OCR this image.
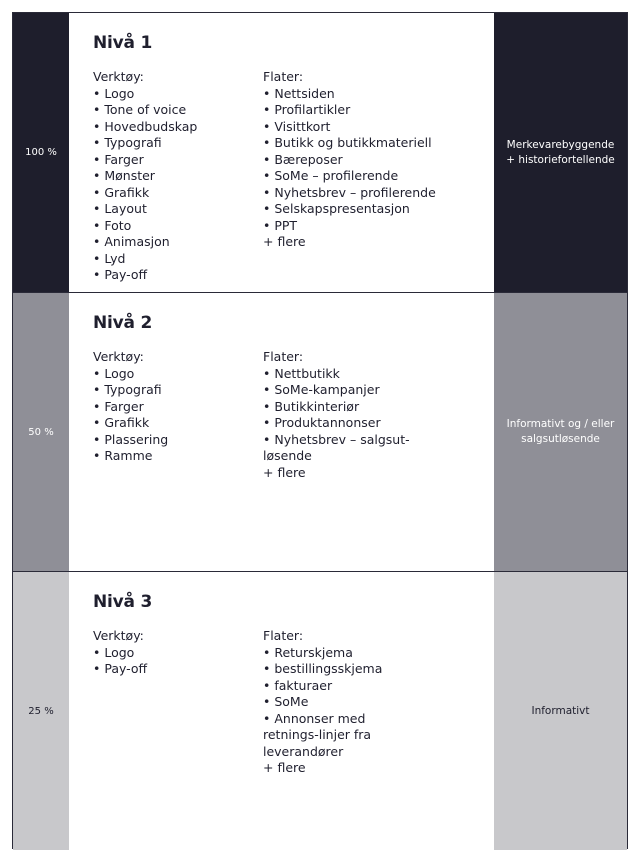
100 %
Nivå 1
Verktøy:
• Logo
• Tone of voice
• Hovedbudskap
• Typografi
• Farger
• Mønster
• Grafikk
• Layout
• Foto
• Animasjon
• Lyd
• Pay-off
Flater:
• Nettsiden
• Profilartikler
• Visittkort
• Butikk og butikkmateriell
• Bæreposer
• SoMe – profilerende
• Nyhetsbrev – profilerende
• Selskapspresentasjon
• PPT
+ flere
Merkevarebyggende + historiefortellende
50 %
Nivå 2
Verktøy:
• Logo
• Typografi
• Farger
• Grafikk
• Plassering
• Ramme
Flater:
• Nettbutikk
• SoMe-kampanjer
• Butikkinteriør
• Produktannonser
• Nyhetsbrev – salgsut-løsende
+ flere
Informativt og / eller salgsutløsende
25 %
Nivå 3
Verktøy:
• Logo
• Pay-off
Flater:
• Returskjema
• bestillingsskjema
• fakturaer
• SoMe
• Annonser med retnings-linjer fra leverandører
+ flere
Informativt
